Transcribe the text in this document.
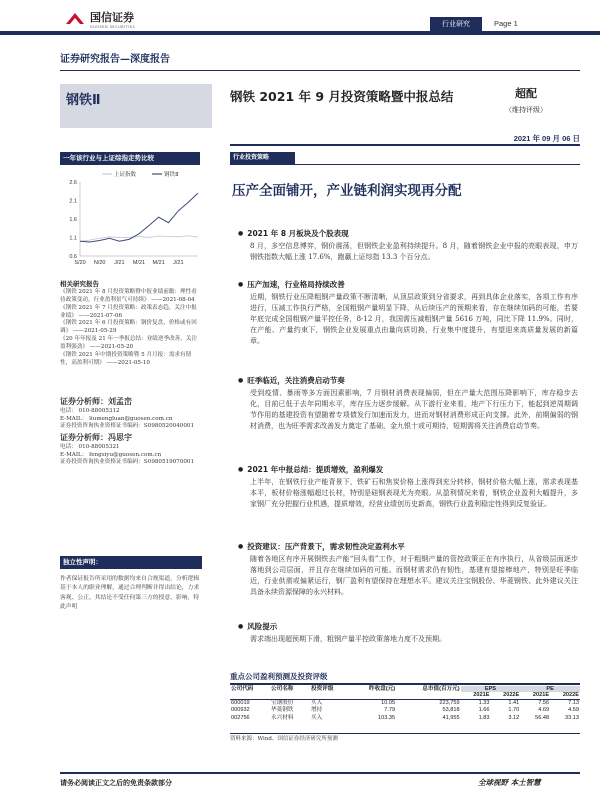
国信证券
GUOSEN SECURITIES	行业研究	Page 1
证券研究报告—深度报告
钢铁Ⅱ	钢铁 2021 年 9 月投资策略暨中报总结	超配
（维持评级）
2021 年 09 月 06 日
一年该行业与上证综指走势比较
2.6
2.1
1.6
1.1
0.6
S/20 N/20 J/21 M/21 M/21 J/21
上证指数	钢铁Ⅱ
相关研究报告
《钢铁 2021 年 8 月投资策略暨中报业绩前瞻：理性看待政策变动，行业盈利景气可持续》 ——2021-08-04
《钢铁 2021 年 7 月投资策略：政策表态趋，关注中报业绩》 ——2021-07-06
《钢铁 2021 年 6 月投资策略：钢价复盘，价格或有回调》 ——2021-05-29
《20 年年报及 21 年一季报总结：业绩逆季改善，关注盈利强劲》 ——2021-05-20
《钢铁 2021 年中期投资策略暨 5 月月报：需求有韧性，高盈利可期》 ——2021-05-10
证券分析师：刘孟峦
电话： 010-88005312
E-MAIL： liumengluan@guosen.com.cn
证券投资咨询执业资格证书编码：S0980520040001
证券分析师：冯思宇
电话： 010-88005321
E-MAIL： fengsiyu@guosen.com.cn
证券投资咨询执业资格证书编码：S0980519070001
独立性声明：
作者保证报告所采用的数据均来自合规渠道，分析逻辑基于本人的职业理解，通过合理判断并得出结论，力求客观、公正，其结论不受任何第三方的授意、影响，特此声明
行业投资策略
压产全面铺开，产业链利润实现再分配
● 2021 年 8 月板块及个股表现
8 月，多空信息博弈，钢价震荡，但钢铁企业盈利持续提升。8 月，随着钢铁企业中报的亮眼表现，申万钢铁指数大幅上涨 17.6%，跑赢上证综指 13.3 个百分点。
● 压产加速，行业格局持续改善
近期，钢铁行业压降粗钢产量政策不断清晰，从顶层政策到分省要求，再到具体企业落实，各项工作有序进行，压减工作执行严格，全国粗钢产量明显下降，从后续压产的预期来看，存在继续加码的可能，若要年底完成全国粗钢产量平控任务，8-12 月，我国需压减粗钢产量 5616 万吨，同比下降 11.9%。同时，在产能、产量约束下，钢铁企业发展重点由量向质切换，行业集中度提升，有望迎来高质量发展的新篇章。
● 旺季临近，关注消费启动节奏
受到疫情、暴雨等多方面因素影响，7 月钢材消费表现偏弱，但在产量大范围压降影响下，库存稳步去化，目前已低于去年同期水平，库存压力逐步缓解。从下游行业来看，地产下行压力下，能起到逆周期调节作用的基建投资有望随着专项债发行加速而发力，进而对钢材消费形成正向支撑。此外，前期偏弱的钢材消费，也为旺季需求改善发力奠定了基础，金九银十或可期待，短期需将关注消费启动节奏。
● 2021 年中报总结：提质增效，盈利爆发
上半年，在钢铁行业产能背景下，铁矿石和焦炭价格上涨得到充分转移，钢材价格大幅上涨，需求表现基本平，板材价格涨幅超过长材，特别是硅钢表现尤为亮眼。从盈利情况来看，钢铁企业盈利大幅提升，多家钢厂充分把握行业机遇，提质增效，经营业绩创历史新高，钢铁行业盈利稳定性得到反复验证。
● 投资建议：压产背景下，需求韧性决定盈利水平
随着各地区有序开展钢铁去产能“回头看”工作，对于粗钢产量的管控政策正在有序执行，从省级层面逐步落地到公司层面，并且存在继续加码的可能。而钢材需求仍有韧性，基建有望接棒地产，特别是旺季临近，行业供需或偏紧运行，钢厂盈利有望保持在理想水平。建议关注宝钢股份、华菱钢铁、此外建议关注具备永续资源保障的永兴材料。
● 风险提示
需求端出现超预期下滑，粗钢产量平控政策落地力度不及预期。
重点公司盈利预测及投资评级
公司代码	公司名称	投资评级	昨收盘(元)	总市值(百万元)	EPS		PE	
					2021E	2022E	2021E	2022E
600019	宝钢股份	买入	10.05	223,759	1.33	1.41	7.56	7.13
000932	华菱钢铁	增持	7.79	53,818	1.66	1.70	4.69	4.59
002756	永兴材料	买入	103.35	41,955	1.83	3.12	56.48	33.13
资料来源：Wind、国信证券经济研究所预测
请务必阅读正文之后的免责条款部分	全球视野 本土智慧
